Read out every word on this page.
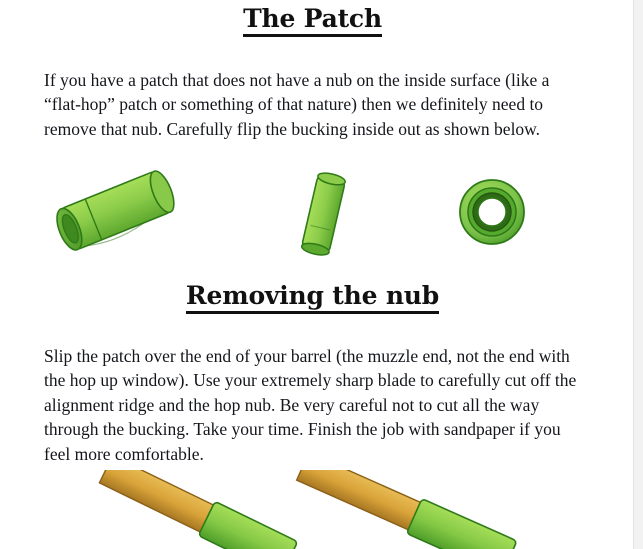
The Patch

If you have a patch that does not have a nub on the inside surface (like a “flat-hop” patch or something of that nature) then we definitely need to remove that nub. Carefully flip the bucking inside out as shown below.

Removing the nub

Slip the patch over the end of your barrel (the muzzle end, not the end with the hop up window). Use your extremely sharp blade to carefully cut off the alignment ridge and the hop nub. Be very careful not to cut all the way through the bucking. Take your time. Finish the job with sandpaper if you feel more comfortable.
